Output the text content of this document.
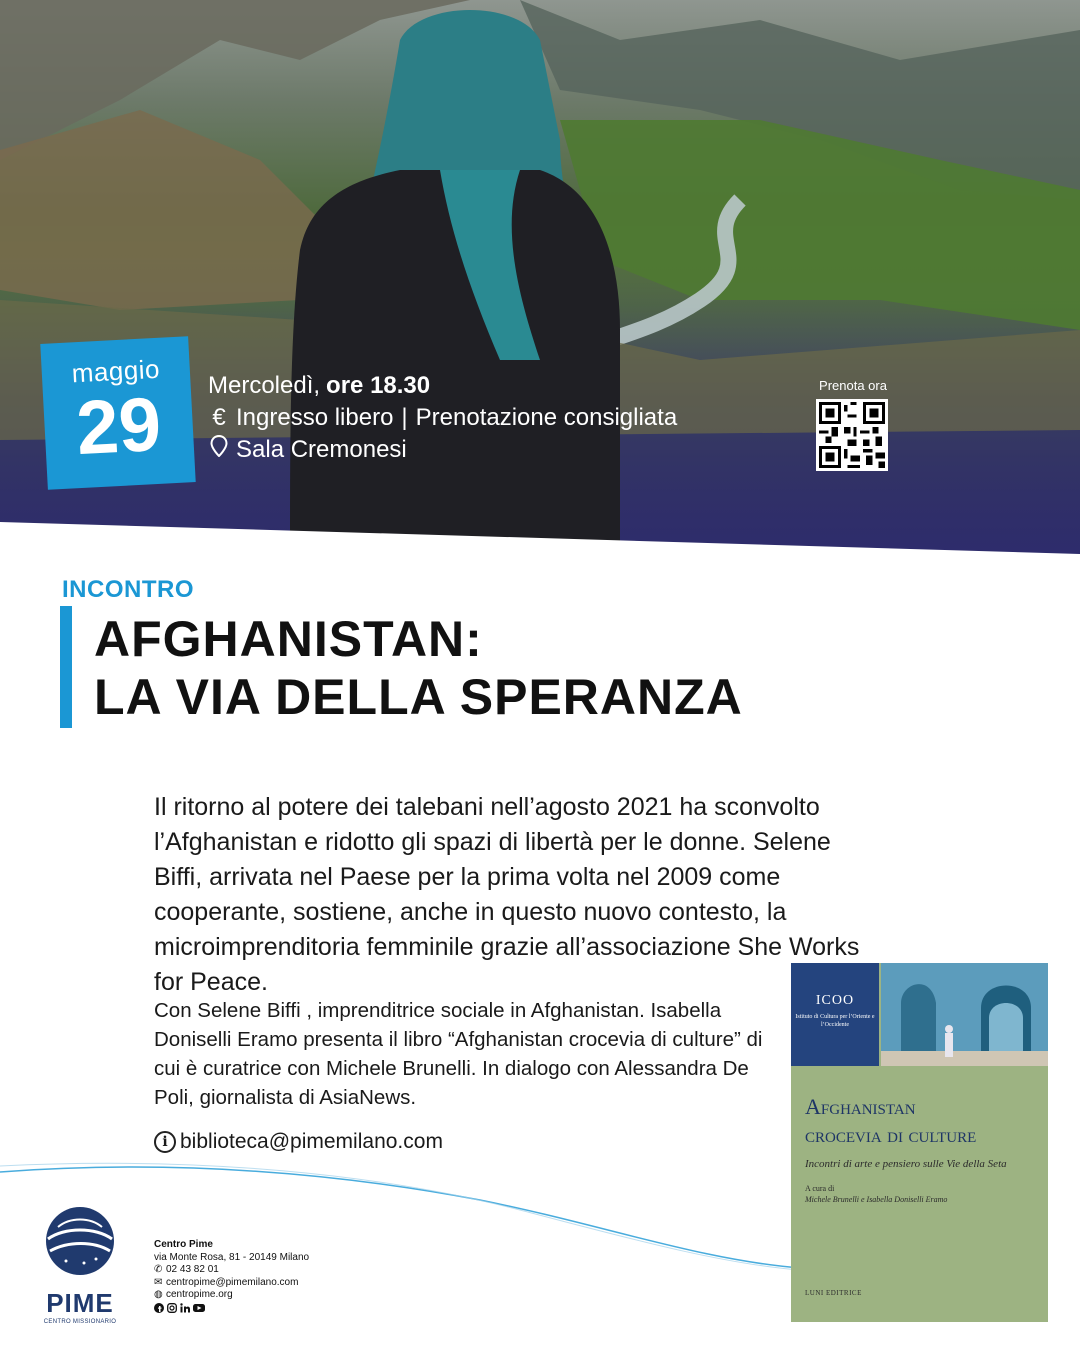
maggio
29	Mercoledì, ore 18.30
€ Ingresso libero | Prenotazione consigliata
Sala Cremonesi
Prenota ora
INCONTRO
AFGHANISTAN:
LA VIA DELLA SPERANZA

Il ritorno al potere dei talebani nell’agosto 2021 ha sconvolto l’Afghanistan e ridotto gli spazi di libertà per le donne. Selene Biffi, arrivata nel Paese per la prima volta nel 2009 come cooperante, sostiene, anche in questo nuovo contesto, la microimprenditoria femminile grazie all’associazione She Works for Peace.

Con Selene Biffi , imprenditrice sociale in Afghanistan. Isabella Doniselli Eramo presenta il libro “Afghanistan crocevia di culture” di cui è curatrice con Michele Brunelli. In dialogo con Alessandra De Poli, giornalista di AsiaNews.

i biblioteca@pimemilano.com
ICOO
Istituto di Cultura per l’Oriente e l’Occidente
Afghanistan
crocevia di culture
Incontri di arte e pensiero sulle Vie della Seta
A cura di
Michele Brunelli e Isabella Doniselli Eramo
LUNI EDITRICE
PIME
CENTRO MISSIONARIO
Centro Pime
via Monte Rosa, 81 - 20149 Milano
✆ 02 43 82 01
✉ centropime@pimemilano.com
◍ centropime.org
